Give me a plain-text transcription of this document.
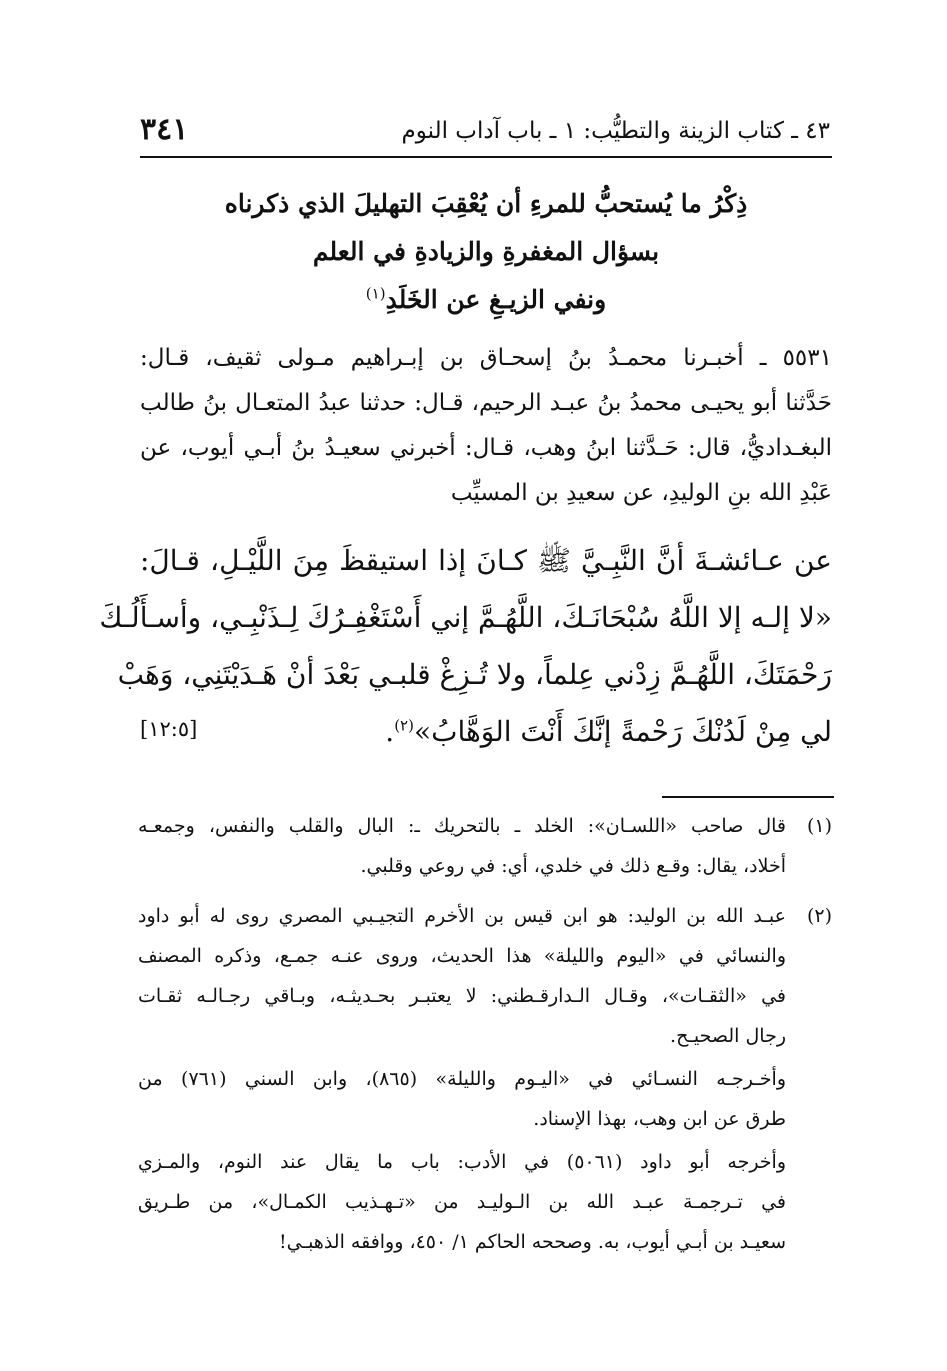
٤٣ ـ كتاب الزينة والتطيُّب: ١ ـ باب آداب النوم
٣٤١
ذِكْرُ ما يُستحبُّ للمرءِ أن يُعْقِبَ التهليلَ الذي ذكرناه
بسؤال المغفرةِ والزيادةِ في العلم
ونفي الزيـغِ عن الخَلَدِ$^{(١)}$
٥٥٣١ ـ أخبـرنا محمـدُ بنُ إسحـاق بن إبـراهيم مـولى ثقيف، قـال:
حَدَّثنا أبو يحيـى محمدُ بنُ عبـد الرحيم، قـال: حدثنا عبدُ المتعـال بنُ طالب
البغـداديُّ، قال: حَـدَّثنا ابنُ وهب، قـال: أخبرني سعيـدُ بنُ أبـي أيوب، عن
عَبْدِ الله بنِ الوليدِ، عن سعيدِ بن المسيِّب
عن عـائشـةَ أنَّ النَّبِـيَّ ﷺ كـانَ إذا استيقظَ مِنَ اللَّيْـلِ، قـالَ:
«لا إلـه إلا اللَّهُ سُبْحَانَـكَ، اللَّهُـمَّ إني أَسْتَغْفِـرُكَ لِـذَنْبِـي، وأسـأَلُـكَ
رَحْمَتَكَ، اللَّهُـمَّ زِدْني عِلماً، ولا تُـزِغْ قلبـي بَعْدَ أنْ هَـدَيْتَنِي، وَهَبْ
لي مِنْ لَدُنْكَ رَحْمةً إنَّكَ أَنْتَ الوَهَّابُ»$^{(٢)}$.
[١٢:٥]
(١)
قال صاحب «اللسـان»: الخلد ـ بالتحريك ـ: البال والقلب والنفس، وجمعـه
أخلاد، يقال: وقـع ذلك في خلدي، أي: في روعي وقلبي.
(٢)
عبـد الله بن الوليد: هو ابن قيس بن الأخرم التجيـبي المصري روى له أبو داود
والنسائي في «اليوم والليلة» هذا الحديث، وروى عنـه جمـع، وذكره المصنف
في «الثقـات»، وقـال الـدارقـطني: لا يعتبـر بحـديثـه، وبـاقي رجـالـه ثقـات
رجال الصحيـح.
وأخـرجـه النسـائي في «اليـوم والليلة» (٨٦٥)، وابن السني (٧٦١) من
طرق عن ابن وهب، بهذا الإسناد.
وأخرجه أبو داود (٥٠٦١) في الأدب: باب ما يقال عند النوم، والمـزي
في تـرجمـة عبـد الله بن الـوليـد من «تـهـذيب الكمـال»، من طـريق
سعيـد بن أبـي أيوب، به. وصححه الحاكم ١/ ٤٥٠، ووافقه الذهبـي!
